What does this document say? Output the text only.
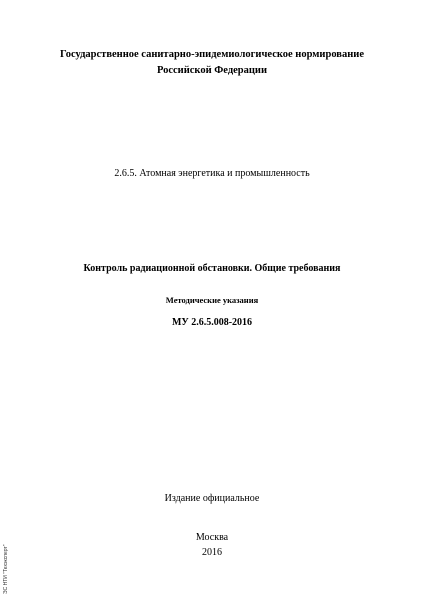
Государственное санитарно-эпидемиологическое нормирование
Российской Федерации
2.6.5. Атомная энергетика и промышленность
Контроль радиационной обстановки. Общие требования
Методические указания
МУ 2.6.5.008-2016
Издание официальное
Москва
2016
ЭС НТИ "Техэксперт"
